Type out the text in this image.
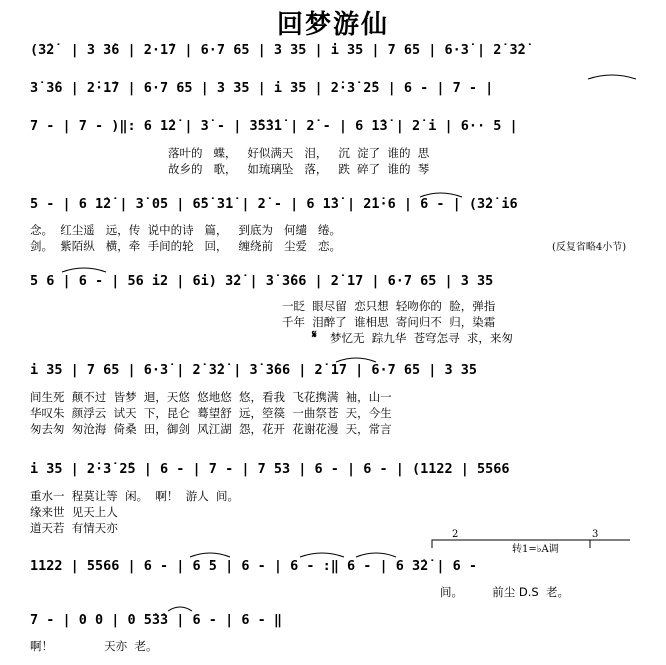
回梦游仙
(3̇2̇  | 3 3̇6 | 2·1̇7 | 6·7 65 | 3 35 | i 35 | 7 65 | 6·3̇ | 2̇ 3̇2̇
3̇ 3̇6 | 2̇·1̇7 | 6·7 65 | 3 35 | i 35 | 2̇·3̇ 2̇5 | 6 - | 7 - |
7 - | 7 - )‖: 6 1̇2̇ | 3̇ - | 3̇5̇3̇1̇ | 2̇ - | 6 1̇3̇ | 2̇ i | 6·· 5 |
落叶的   蝶，   好似满天   泪，   沉  淀了  谁的  思
故乡的   歌，   如琉璃坠   落，   跌  碎了  谁的  琴
5 - | 6 1̇2̇ | 3̇ 05 | 6̇5̇ 3̇1̇ | 2̇ - | 6 1̇3̇ | 2̇1̇·6 | 6 - | (3̇2̇ i6
念。  红尘遥   远，传  说中的诗   篇，   到底为   何缱   绻。
剑。  紫陌纵   横，牵  手间的轮   回，   缠绕前   尘爱   恋。	(反复省略4小节)
5 6 | 6 - | 56 i2 | 6i) 3̇2̇ | 3̇ 3̇66 | 2̇ 17 | 6·7 65 | 3 35
一眨  眼尽留  恋只想  轻吻你的  脸，弹指
千年  泪醉了  谁相思  寄问归不  归，染霜
𝄋 梦忆无  踪九华  苍穹怎寻  求，来匆
i 35 | 7 65 | 6·3̇ | 2̇ 3̇2̇ | 3̇ 3̇66 | 2̇ 17 | 6·7 65 | 3 35
间生死  颠不过  皆梦  迴，天悠  悠地悠  悠，看我  飞花携满  袖，山一
华叹朱  颜浮云  试天  下，昆仑  蓦望舒  远，箜篌  一曲祭苍  天，今生
匆去匆  匆沧海  倚桑  田，御剑  风江湖  怨，花开  花谢花漫  天，常言
i 35 | 2̇·3̇ 2̇5 | 6 - | 7 - | 7 53 | 6 - | 6 - | (1122 | 5566
重水一  程莫让等  闲。  啊！  游人  间。
缘来世  见天上人
道天若  有情天亦	2
转1=♭A调
3
1122 | 5566 | 6 - | 6 5 | 6 - | 6 - :‖ 6 - | 6 3̇2̇ | 6 -
间。        前尘 D.S  老。
7 - | 0 0 | 0 5̇3̇3 | 6 - | 6 - ‖
啊！              天亦  老。
